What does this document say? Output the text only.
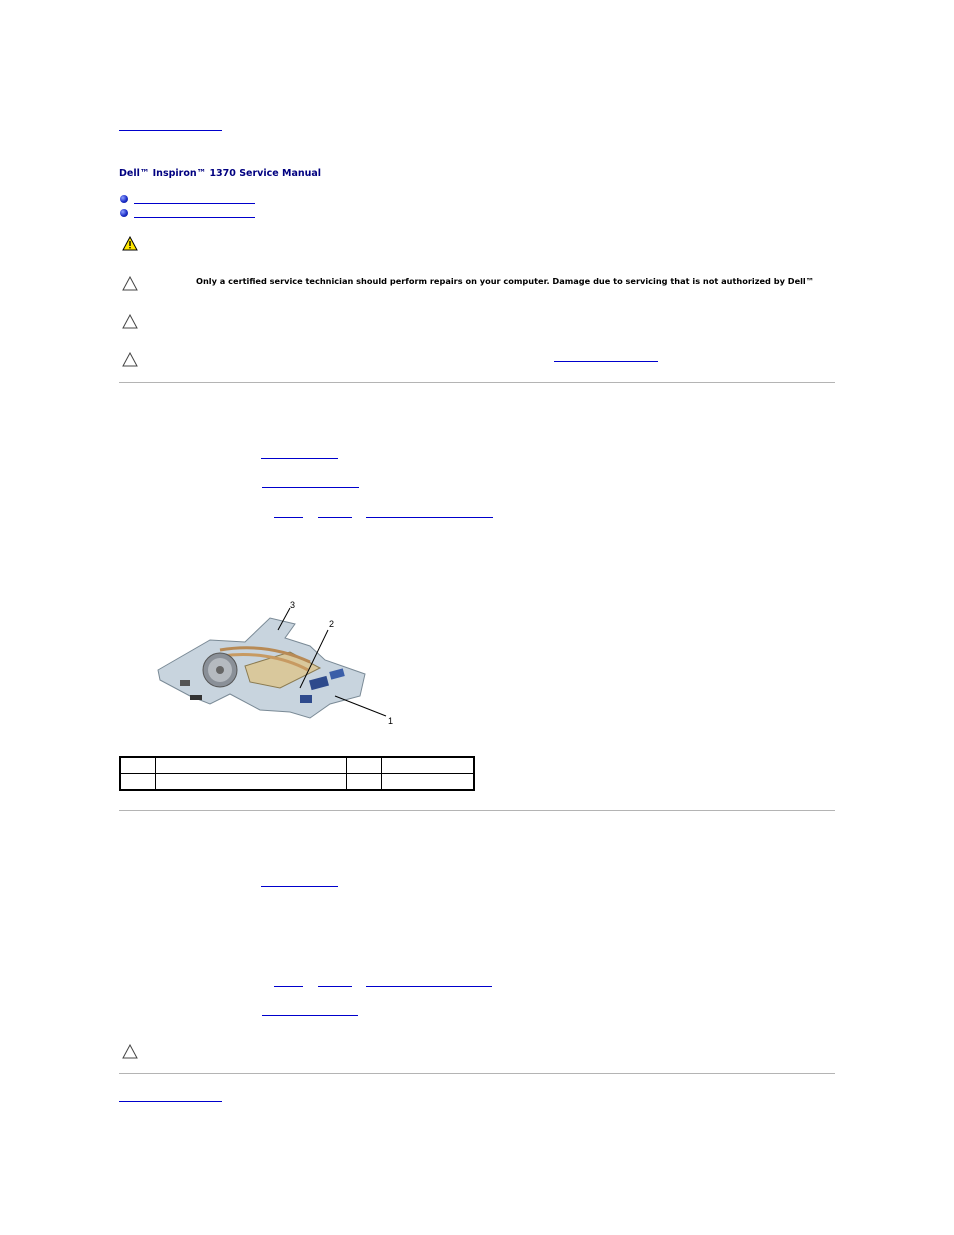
Dell™ Inspiron™ 1370 Service Manual
Only a certified service technician should perform repairs on your computer. Damage due to servicing that is not authorized by Dell™
3
2
1
